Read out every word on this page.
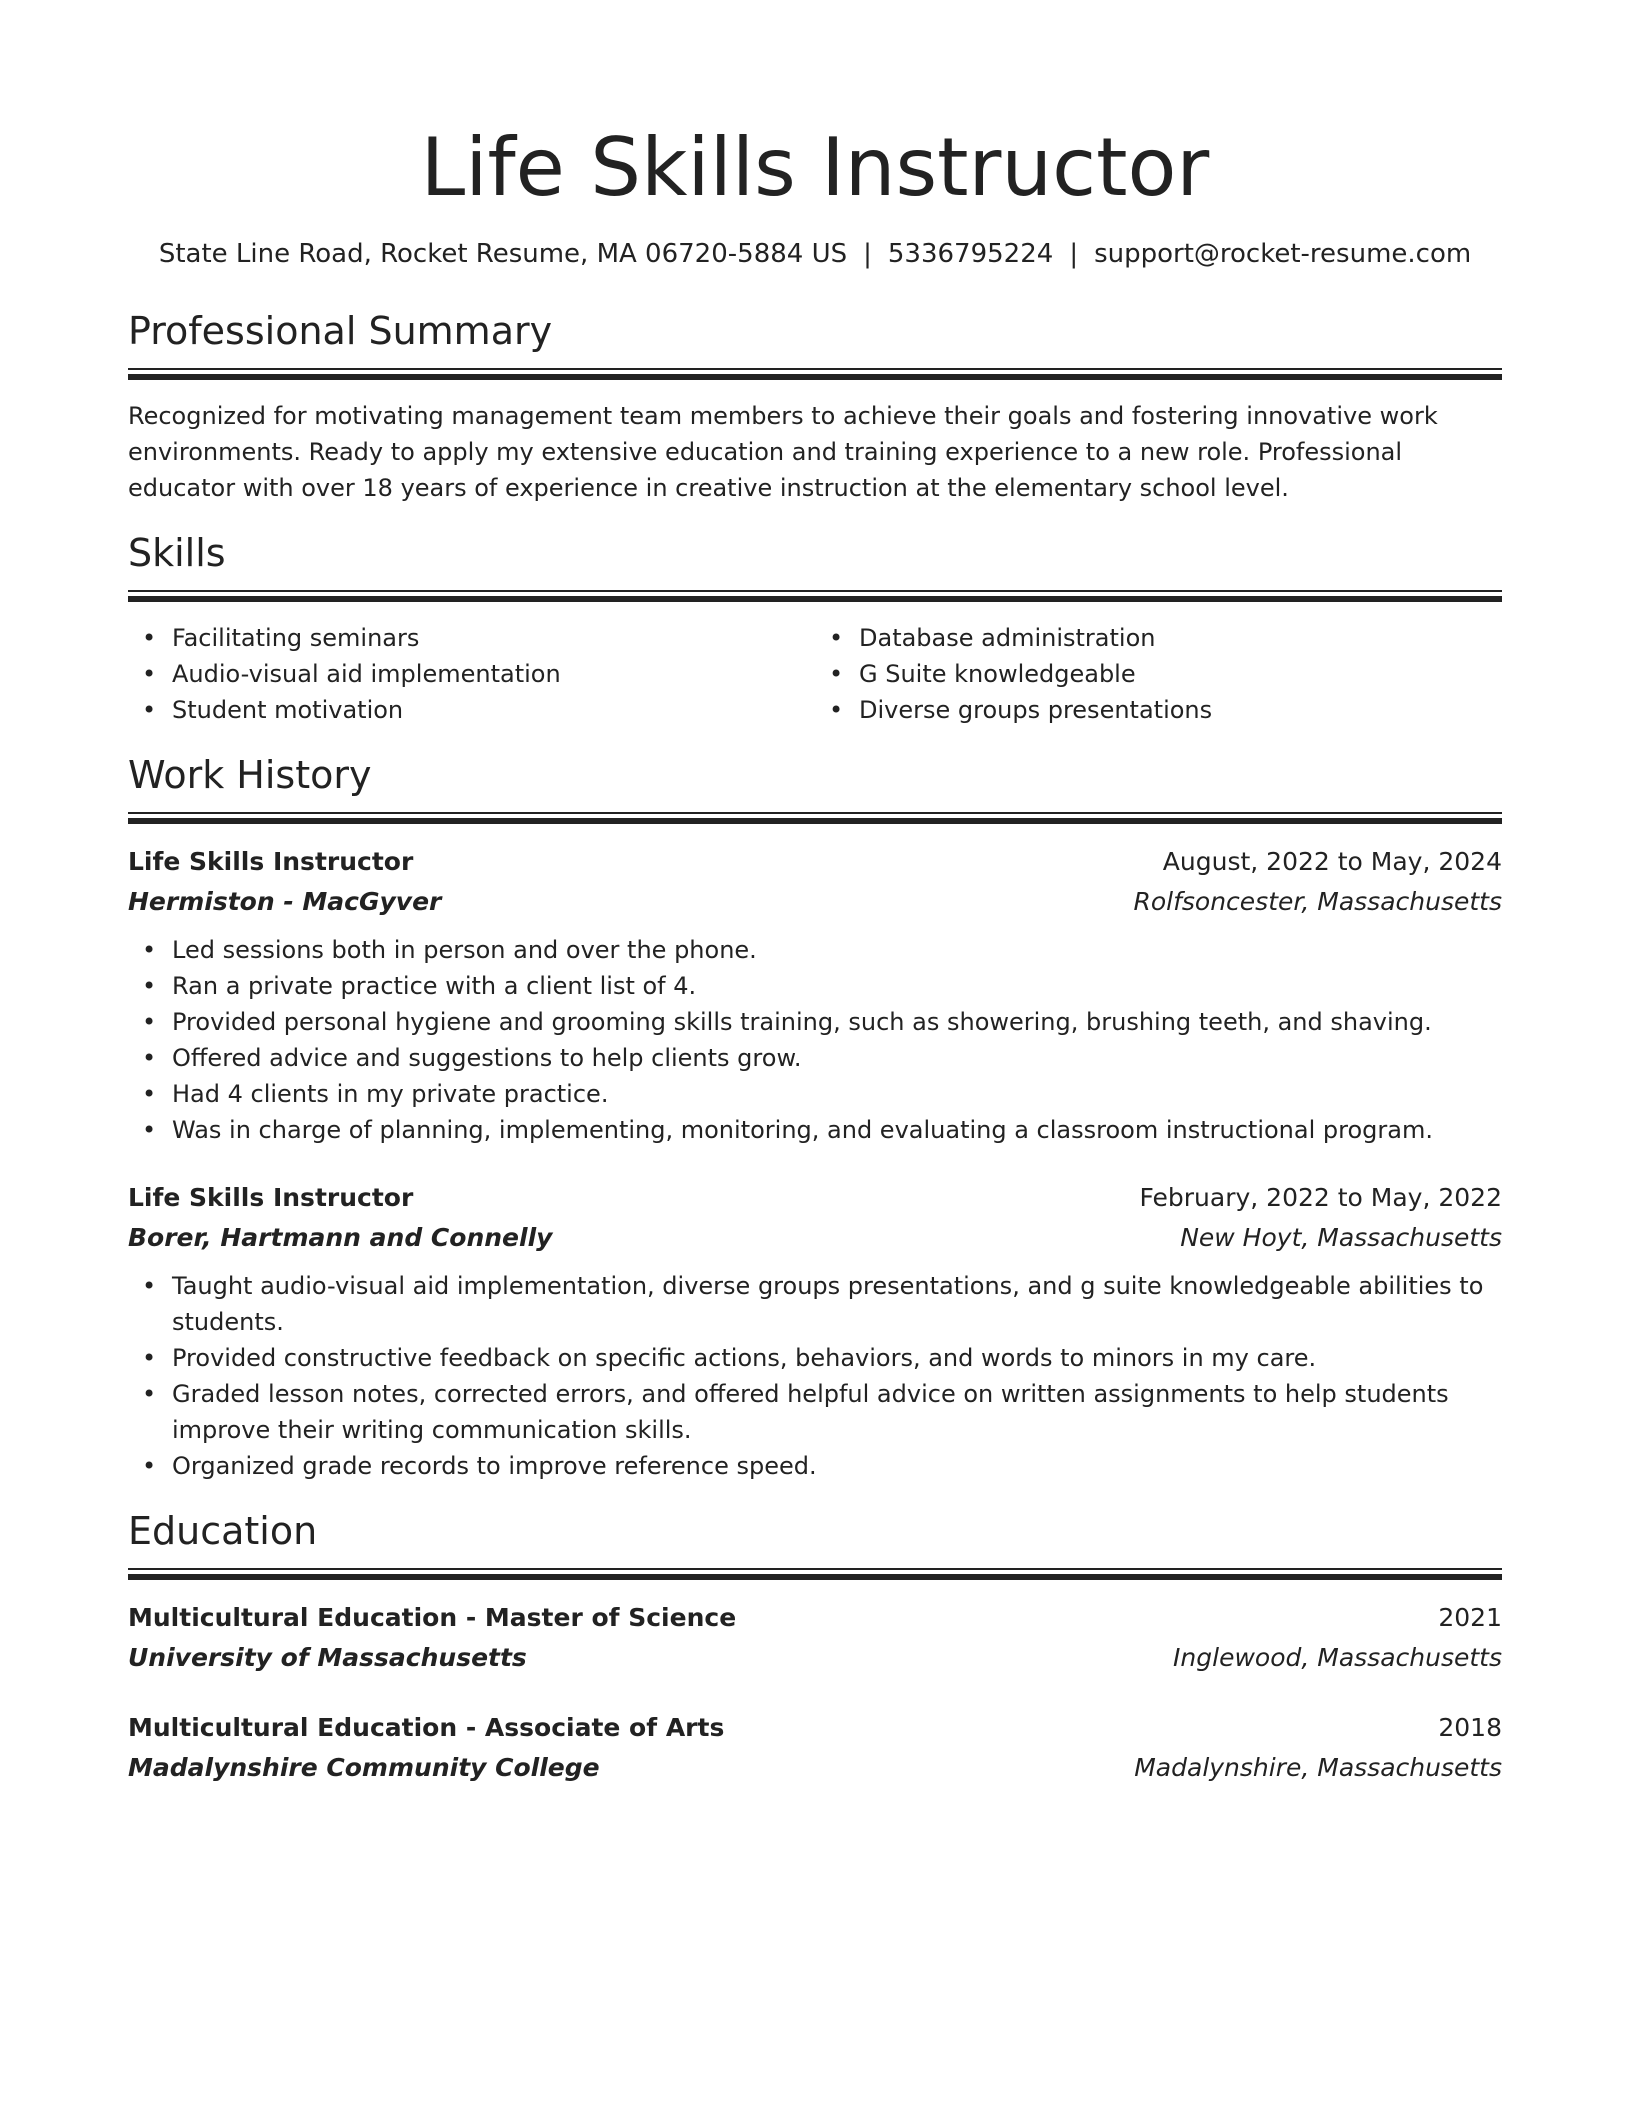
Life Skills Instructor
State Line Road, Rocket Resume, MA 06720-5884 US | 5336795224 | support@rocket-resume.com
Professional Summary

Recognized for motivating management team members to achieve their goals and fostering innovative work environments. Ready to apply my extensive education and training experience to a new role. Professional educator with over 18 years of experience in creative instruction at the elementary school level.

Skills
• Facilitating seminars
• Audio-visual aid implementation
• Student motivation
• Database administration
• G Suite knowledgeable
• Diverse groups presentations
Work History
Life Skills Instructor	August, 2022 to May, 2024
Hermiston - MacGyver	Rolfsoncester, Massachusetts
• Led sessions both in person and over the phone.
• Ran a private practice with a client list of 4.
• Provided personal hygiene and grooming skills training, such as showering, brushing teeth, and shaving.
• Offered advice and suggestions to help clients grow.
• Had 4 clients in my private practice.
• Was in charge of planning, implementing, monitoring, and evaluating a classroom instructional program.
Life Skills Instructor	February, 2022 to May, 2022
Borer, Hartmann and Connelly	New Hoyt, Massachusetts
• Taught audio-visual aid implementation, diverse groups presentations, and g suite knowledgeable abilities to students.
• Provided constructive feedback on specific actions, behaviors, and words to minors in my care.
• Graded lesson notes, corrected errors, and offered helpful advice on written assignments to help students improve their writing communication skills.
• Organized grade records to improve reference speed.
Education
Multicultural Education - Master of Science	2021
University of Massachusetts	Inglewood, Massachusetts
Multicultural Education - Associate of Arts	2018
Madalynshire Community College	Madalynshire, Massachusetts
